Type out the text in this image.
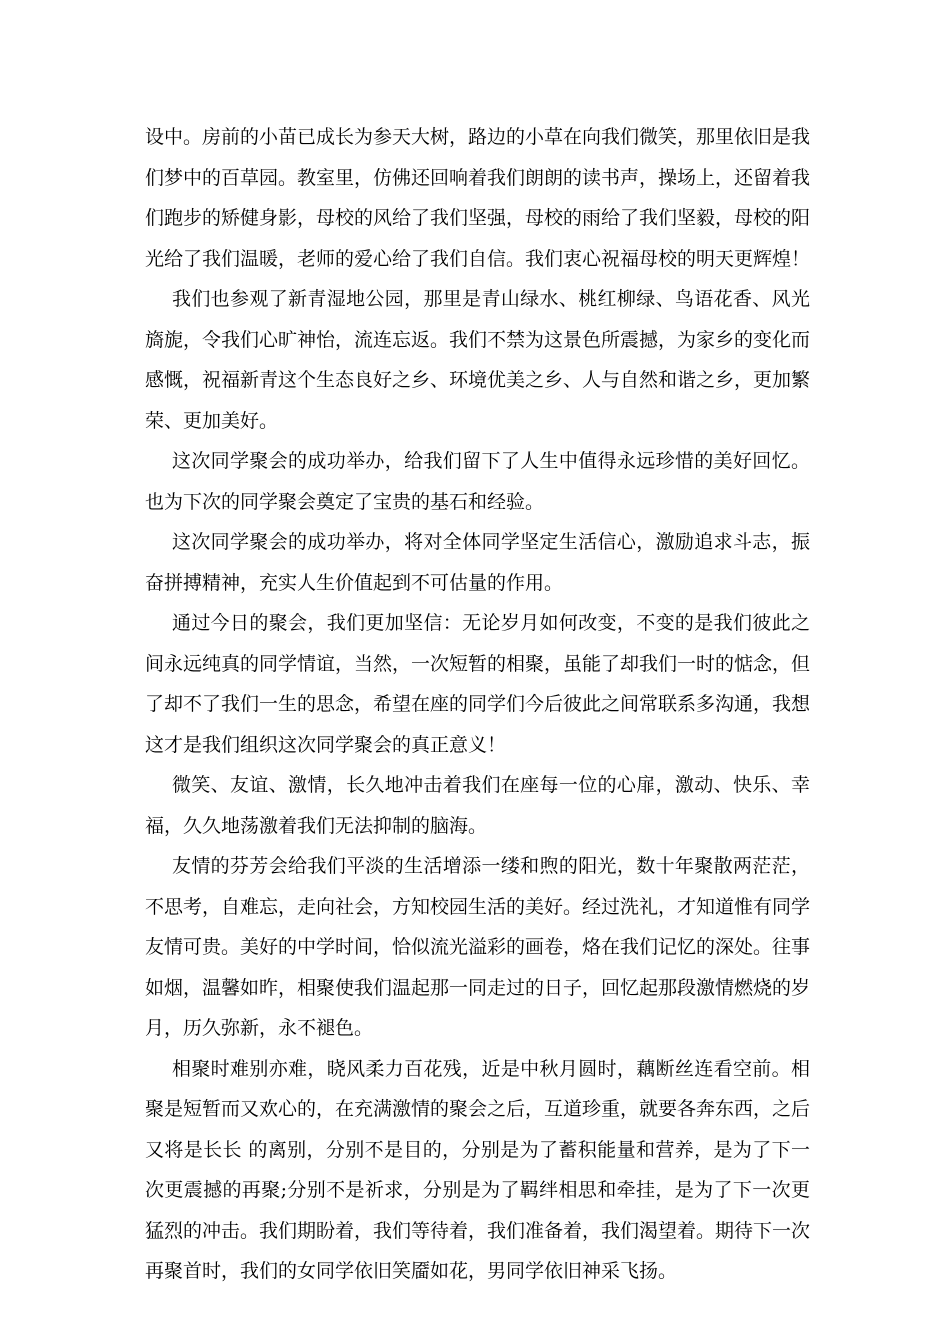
设中。房前的小苗已成长为参天大树，路边的小草在向我们微笑，那里依旧是我们梦中的百草园。教室里，仿佛还回响着我们朗朗的读书声，操场上，还留着我们跑步的矫健身影，母校的风给了我们坚强，母校的雨给了我们坚毅，母校的阳光给了我们温暖，老师的爱心给了我们自信。我们衷心祝福母校的明天更辉煌！

我们也参观了新青湿地公园，那里是青山绿水、桃红柳绿、鸟语花香、风光旖旎，令我们心旷神怡，流连忘返。我们不禁为这景色所震撼，为家乡的变化而感慨，祝福新青这个生态良好之乡、环境优美之乡、人与自然和谐之乡，更加繁荣、更加美好。

这次同学聚会的成功举办，给我们留下了人生中值得永远珍惜的美好回忆。也为下次的同学聚会奠定了宝贵的基石和经验。

这次同学聚会的成功举办，将对全体同学坚定生活信心，激励追求斗志，振奋拼搏精神，充实人生价值起到不可估量的作用。

通过今日的聚会，我们更加坚信：无论岁月如何改变，不变的是我们彼此之间永远纯真的同学情谊，当然，一次短暂的相聚，虽能了却我们一时的惦念，但了却不了我们一生的思念，希望在座的同学们今后彼此之间常联系多沟通，我想这才是我们组织这次同学聚会的真正意义！

微笑、友谊、激情，长久地冲击着我们在座每一位的心扉，激动、快乐、幸福，久久地荡激着我们无法抑制的脑海。

友情的芬芳会给我们平淡的生活增添一缕和煦的阳光，数十年聚散两茫茫，不思考，自难忘，走向社会，方知校园生活的美好。经过洗礼，才知道惟有同学友情可贵。美好的中学时间，恰似流光溢彩的画卷，烙在我们记忆的深处。往事如烟，温馨如昨，相聚使我们温起那一同走过的日子，回忆起那段激情燃烧的岁月，历久弥新，永不褪色。

相聚时难别亦难，晓风柔力百花残，近是中秋月圆时，藕断丝连看空前。相聚是短暂而又欢心的，在充满激情的聚会之后，互道珍重，就要各奔东西，之后又将是长长 的离别，分别不是目的，分别是为了蓄积能量和营养，是为了下一次更震撼的再聚;分别不是祈求，分别是为了羁绊相思和牵挂，是为了下一次更猛烈的冲击。我们期盼着，我们等待着，我们准备着，我们渴望着。期待下一次再聚首时，我们的女同学依旧笑靥如花，男同学依旧神采飞扬。
